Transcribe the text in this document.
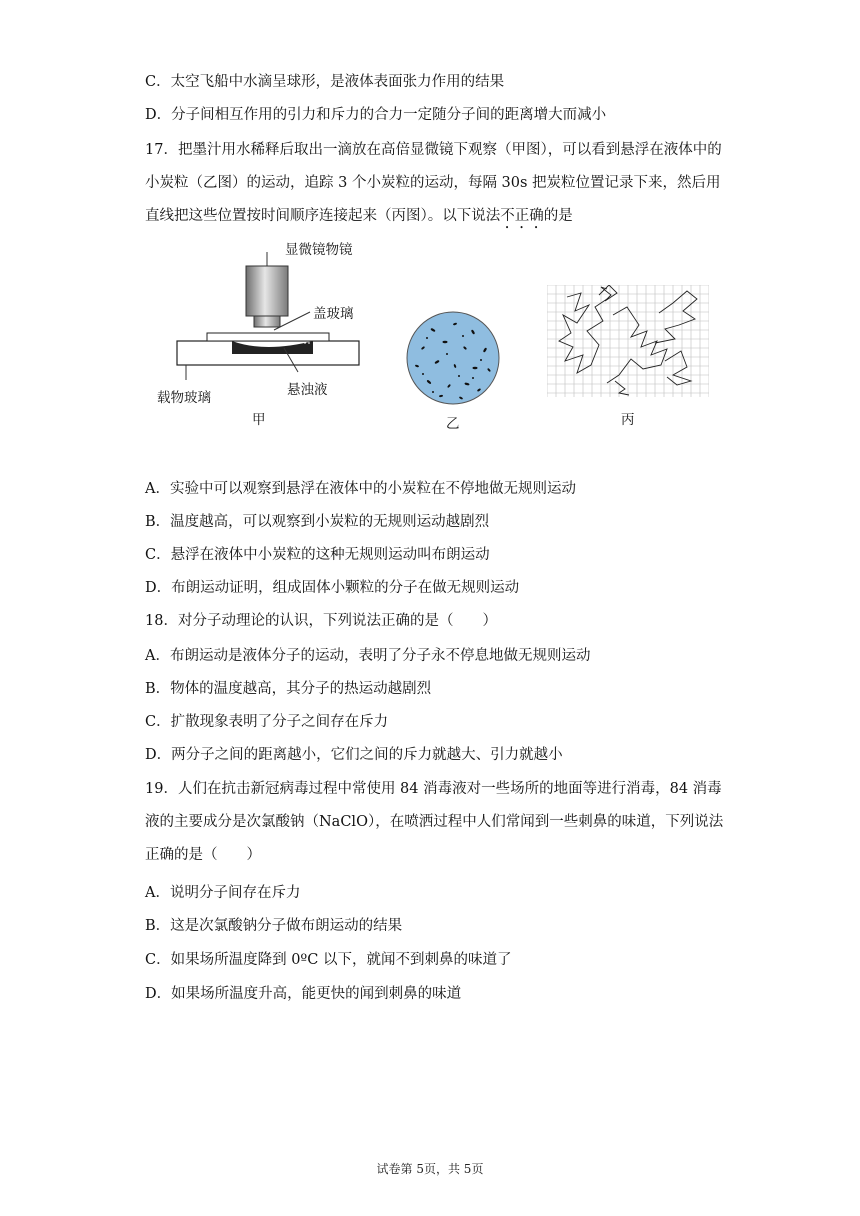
C．太空飞船中水滴呈球形，是液体表面张力作用的结果
D．分子间相互作用的引力和斥力的合力一定随分子间的距离增大而减小
17．把墨汁用水稀释后取出一滴放在高倍显微镜下观察（甲图），可以看到悬浮在液体中的小炭粒（乙图）的运动，追踪 3 个小炭粒的运动，每隔 30s 把炭粒位置记录下来，然后用直线把这些位置按时间顺序连接起来（丙图）。以下说法不正确的是
显微镜物镜
盖玻璃
载物玻璃	悬浊液
甲	乙	丙
A．实验中可以观察到悬浮在液体中的小炭粒在不停地做无规则运动
B．温度越高，可以观察到小炭粒的无规则运动越剧烈
C．悬浮在液体中小炭粒的这种无规则运动叫布朗运动
D．布朗运动证明，组成固体小颗粒的分子在做无规则运动
18．对分子动理论的认识，下列说法正确的是（　　）
A．布朗运动是液体分子的运动，表明了分子永不停息地做无规则运动
B．物体的温度越高，其分子的热运动越剧烈
C．扩散现象表明了分子之间存在斥力
D．两分子之间的距离越小，它们之间的斥力就越大、引力就越小
19．人们在抗击新冠病毒过程中常使用 84 消毒液对一些场所的地面等进行消毒，84 消毒液的主要成分是次氯酸钠（NaClO），在喷洒过程中人们常闻到一些刺鼻的味道，下列说法正确的是（　　）
A．说明分子间存在斥力
B．这是次氯酸钠分子做布朗运动的结果
C．如果场所温度降到 0ºC 以下，就闻不到刺鼻的味道了
D．如果场所温度升高，能更快的闻到刺鼻的味道
试卷第 5页，共 5页
